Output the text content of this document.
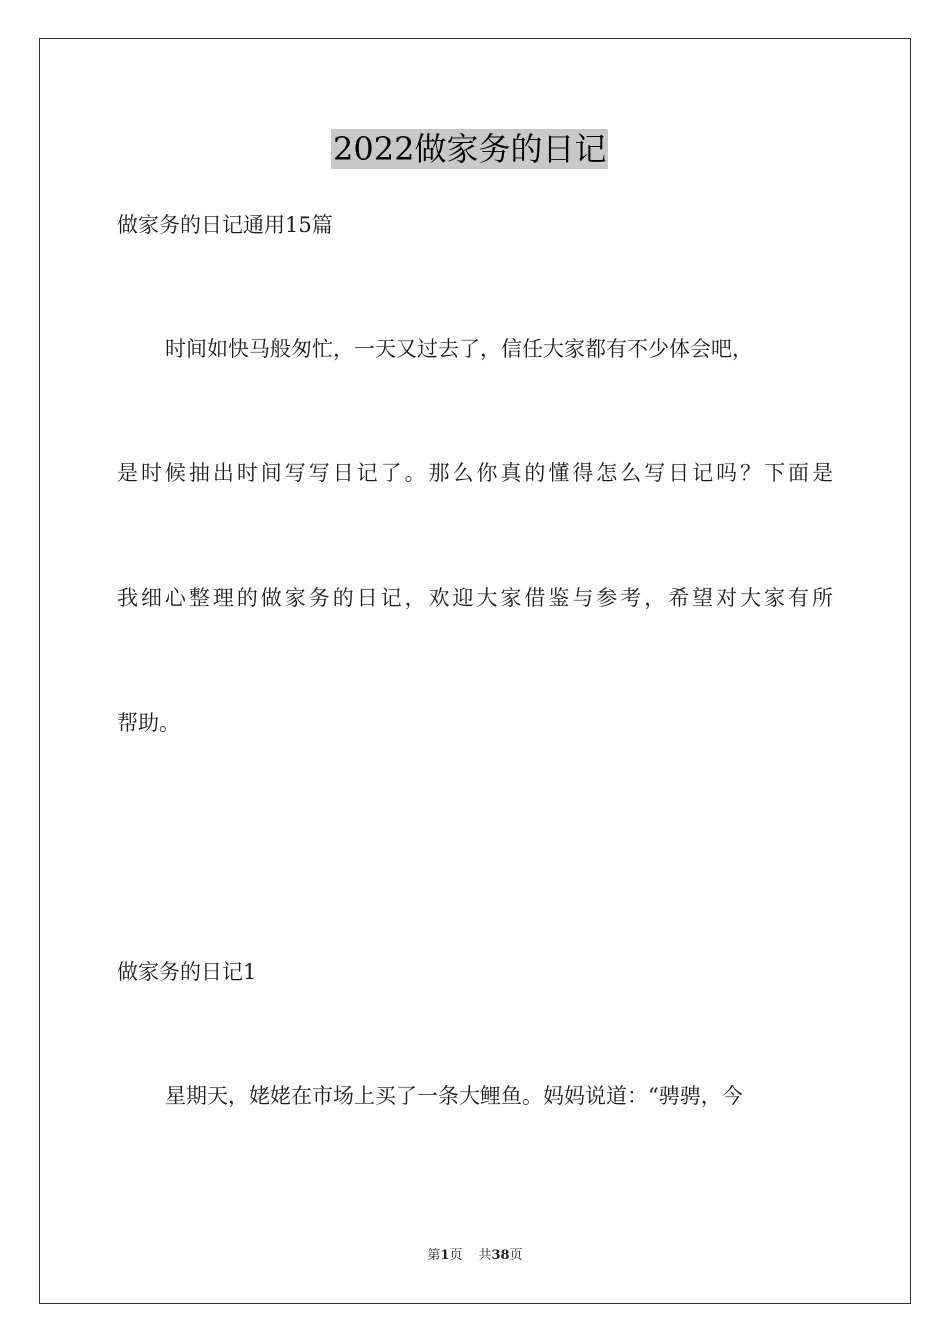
2022做家务的日记

做家务的日记通用15篇

时间如快马般匆忙，一天又过去了，信任大家都有不少体会吧，

是时候抽出时间写写日记了。那么你真的懂得怎么写日记吗？下面是

我细心整理的做家务的日记，欢迎大家借鉴与参考，希望对大家有所

帮助。

做家务的日记1

星期天，姥姥在市场上买了一条大鲤鱼。妈妈说道：“骋骋，今

第1页 共38页
